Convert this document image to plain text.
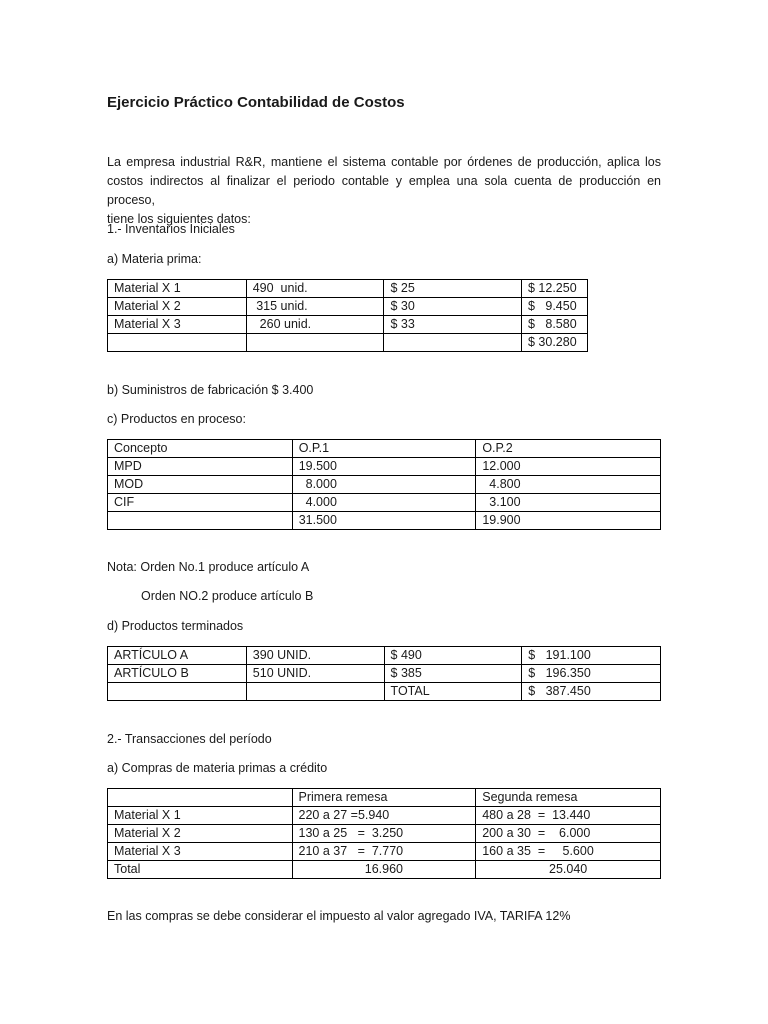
Ejercicio Práctico Contabilidad de Costos
La empresa industrial R&R, mantiene el sistema contable por órdenes de producción, aplica los
costos indirectos al finalizar el periodo contable y emplea una sola cuenta de producción en proceso,
tiene los siguientes datos:
1.- Inventarios Iniciales
a) Materia prima:
Material X 1	490  unid.	$ 25	$ 12.250
Material X 2	315 unid.	$ 30	$   9.450
Material X 3	260 unid.	$ 33	$   8.580
			$ 30.280
b) Suministros de fabricación $ 3.400
c) Productos en proceso:
Concepto	O.P.1	O.P.2
MPD	19.500	12.000
MOD	8.000	4.800
CIF	4.000	3.100
	31.500	19.900
Nota: Orden No.1 produce artículo A
Orden NO.2 produce artículo B
d) Productos terminados
ARTÍCULO A	390 UNID.	$ 490	$   191.100
ARTÍCULO B	510 UNID.	$ 385	$   196.350
		TOTAL	$   387.450
2.- Transacciones del período
a) Compras de materia primas a crédito
	Primera remesa	Segunda remesa
Material X 1	220 a 27 =5.940	480 a 28  =  13.440
Material X 2	130 a 25   =  3.250	200 a 30  =    6.000
Material X 3	210 a 37   =  7.770	160 a 35  =     5.600
Total	16.960	25.040
En las compras se debe considerar el impuesto al valor agregado IVA, TARIFA 12%
